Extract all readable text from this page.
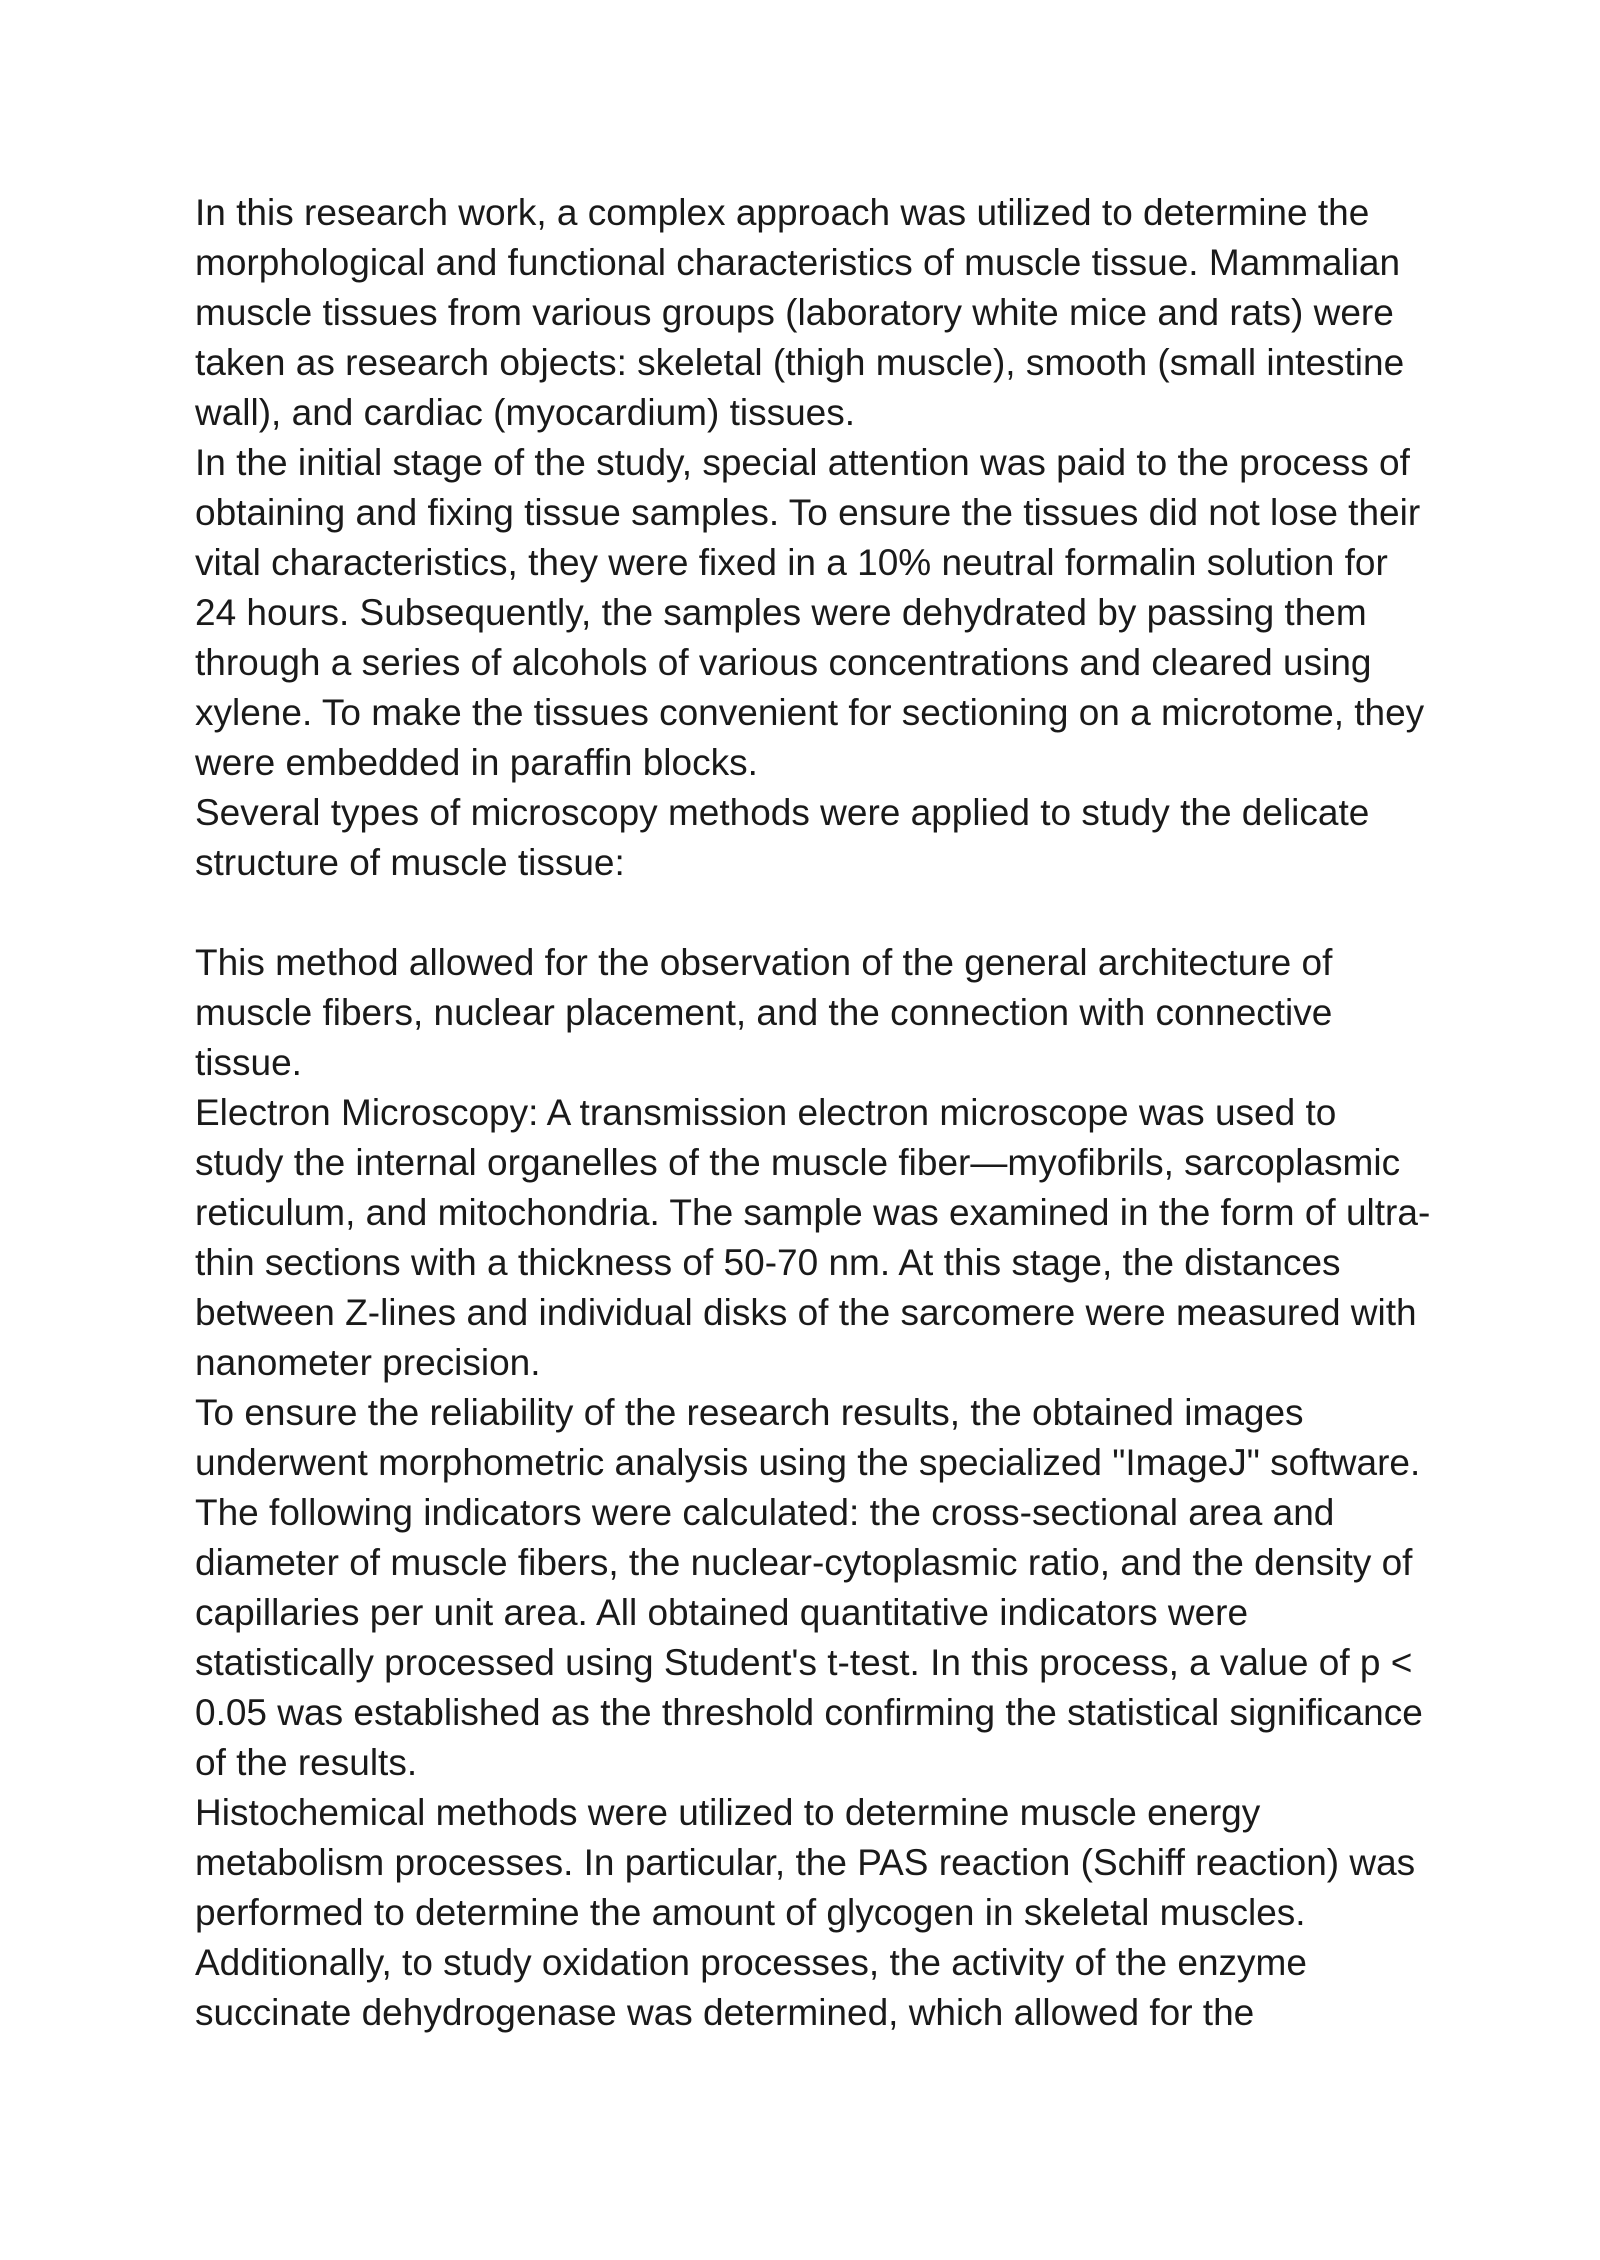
In this research work, a complex approach was utilized to determine the morphological and functional characteristics of muscle tissue. Mammalian muscle tissues from various groups (laboratory white mice and rats) were taken as research objects: skeletal (thigh muscle), smooth (small intestine wall), and cardiac (myocardium) tissues.

In the initial stage of the study, special attention was paid to the process of obtaining and fixing tissue samples. To ensure the tissues did not lose their vital characteristics, they were fixed in a 10% neutral formalin solution for 24 hours. Subsequently, the samples were dehydrated by passing them through a series of alcohols of various concentrations and cleared using xylene. To make the tissues convenient for sectioning on a microtome, they were embedded in paraffin blocks.

Several types of microscopy methods were applied to study the delicate structure of muscle tissue:

This method allowed for the observation of the general architecture of muscle fibers, nuclear placement, and the connection with connective tissue.

Electron Microscopy: A transmission electron microscope was used to study the internal organelles of the muscle fiber—myofibrils, sarcoplasmic reticulum, and mitochondria. The sample was examined in the form of ultra-thin sections with a thickness of 50-70 nm. At this stage, the distances between Z-lines and individual disks of the sarcomere were measured with nanometer precision.

To ensure the reliability of the research results, the obtained images underwent morphometric analysis using the specialized "ImageJ" software. The following indicators were calculated: the cross-sectional area and diameter of muscle fibers, the nuclear-cytoplasmic ratio, and the density of capillaries per unit area. All obtained quantitative indicators were statistically processed using Student's t-test. In this process, a value of p < 0.05 was established as the threshold confirming the statistical significance of the results.

Histochemical methods were utilized to determine muscle energy metabolism processes. In particular, the PAS reaction (Schiff reaction) was performed to determine the amount of glycogen in skeletal muscles. Additionally, to study oxidation processes, the activity of the enzyme succinate dehydrogenase was determined, which allowed for the
